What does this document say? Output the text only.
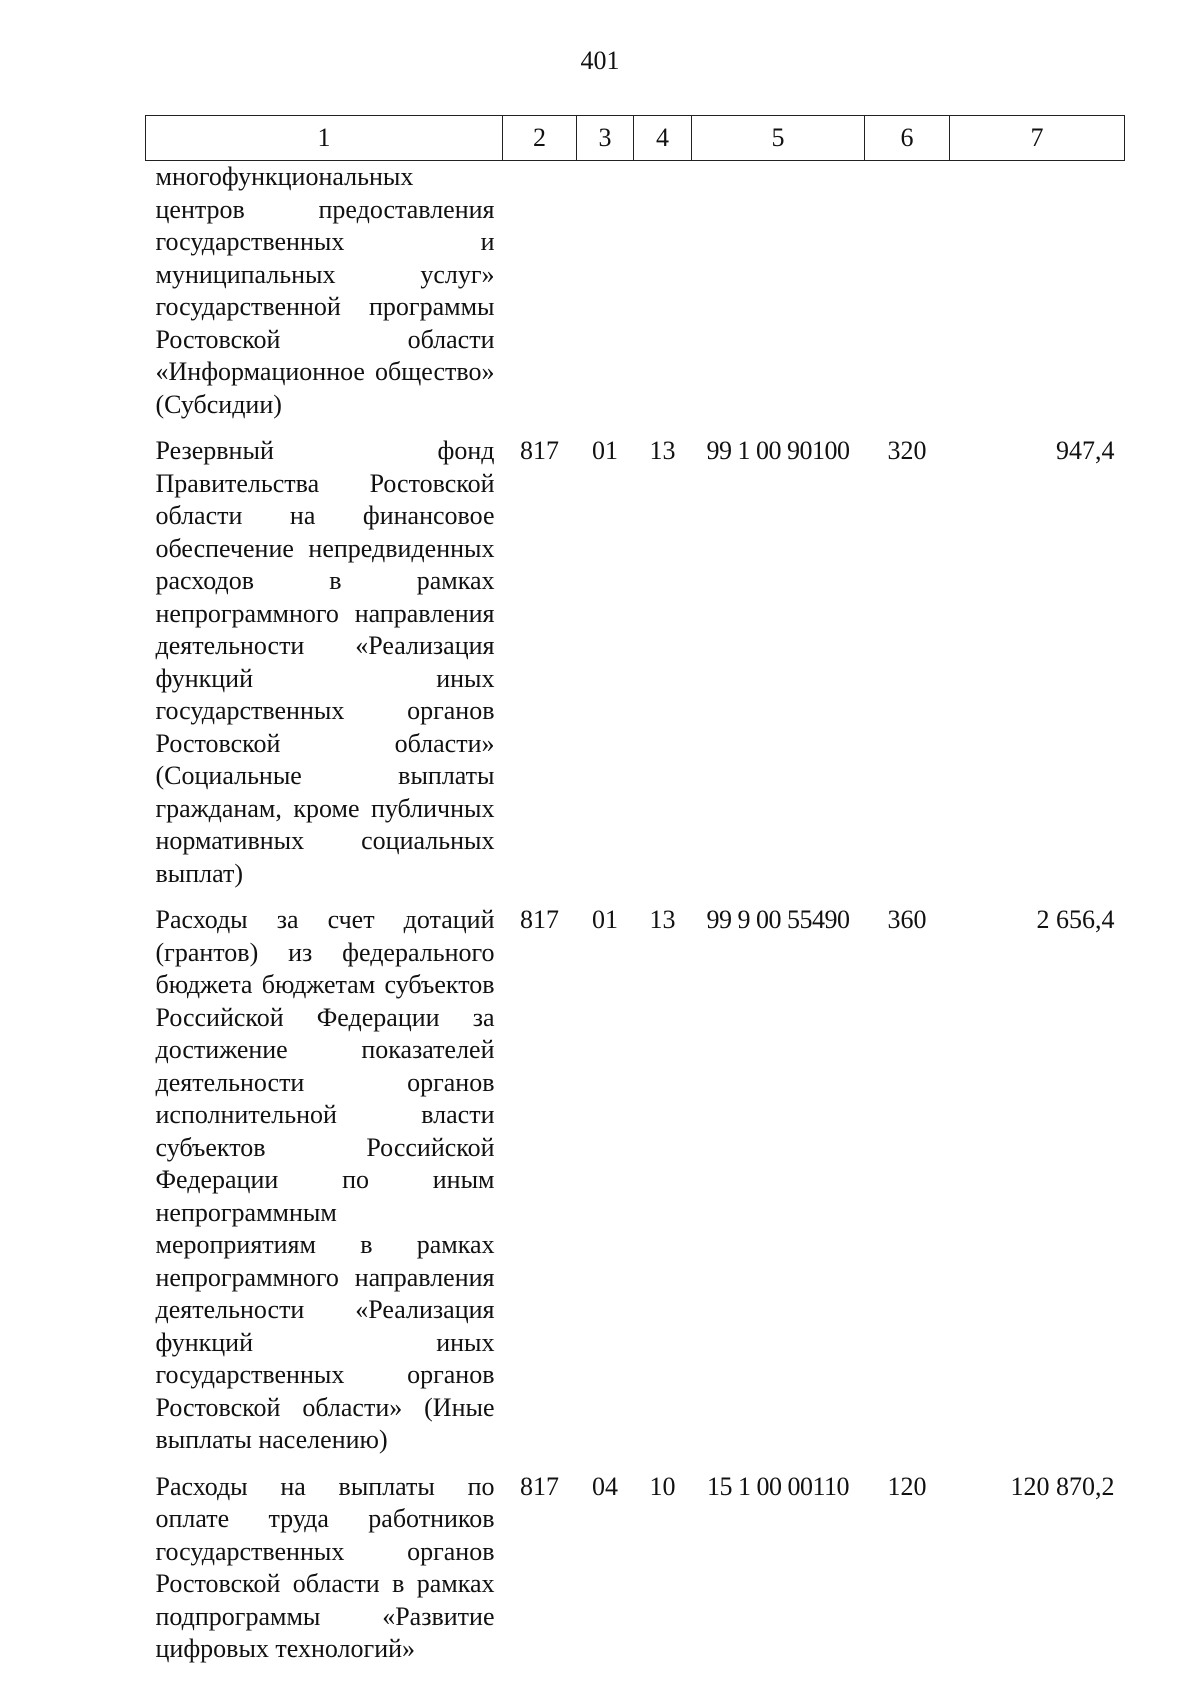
401
1	2	3	4	5	6	7
многофункциональных центров предоставления государственных и муниципальных услуг» государственной программы Ростовской области «Информационное общество» (Субсидии)						
Резервный фонд Правительства Ростовской области на финансовое обеспечение непредвиденных расходов в рамках непрограммного направления деятельности «Реализация функций иных государственных органов Ростовской области» (Социальные выплаты гражданам, кроме публичных нормативных социальных выплат)	817	01	13	99 1 00 90100	320	947,4
Расходы за счет дотаций (грантов) из федерального бюджета бюджетам субъектов Российской Федерации за достижение показателей деятельности органов исполнительной власти субъектов Российской Федерации по иным непрограммным мероприятиям в рамках непрограммного направления деятельности «Реализация функций иных государственных органов Ростовской области» (Иные выплаты населению)	817	01	13	99 9 00 55490	360	2 656,4
Расходы на выплаты по оплате труда работников государственных органов Ростовской области в рамках подпрограммы «Развитие цифровых технологий»	817	04	10	15 1 00 00110	120	120 870,2
